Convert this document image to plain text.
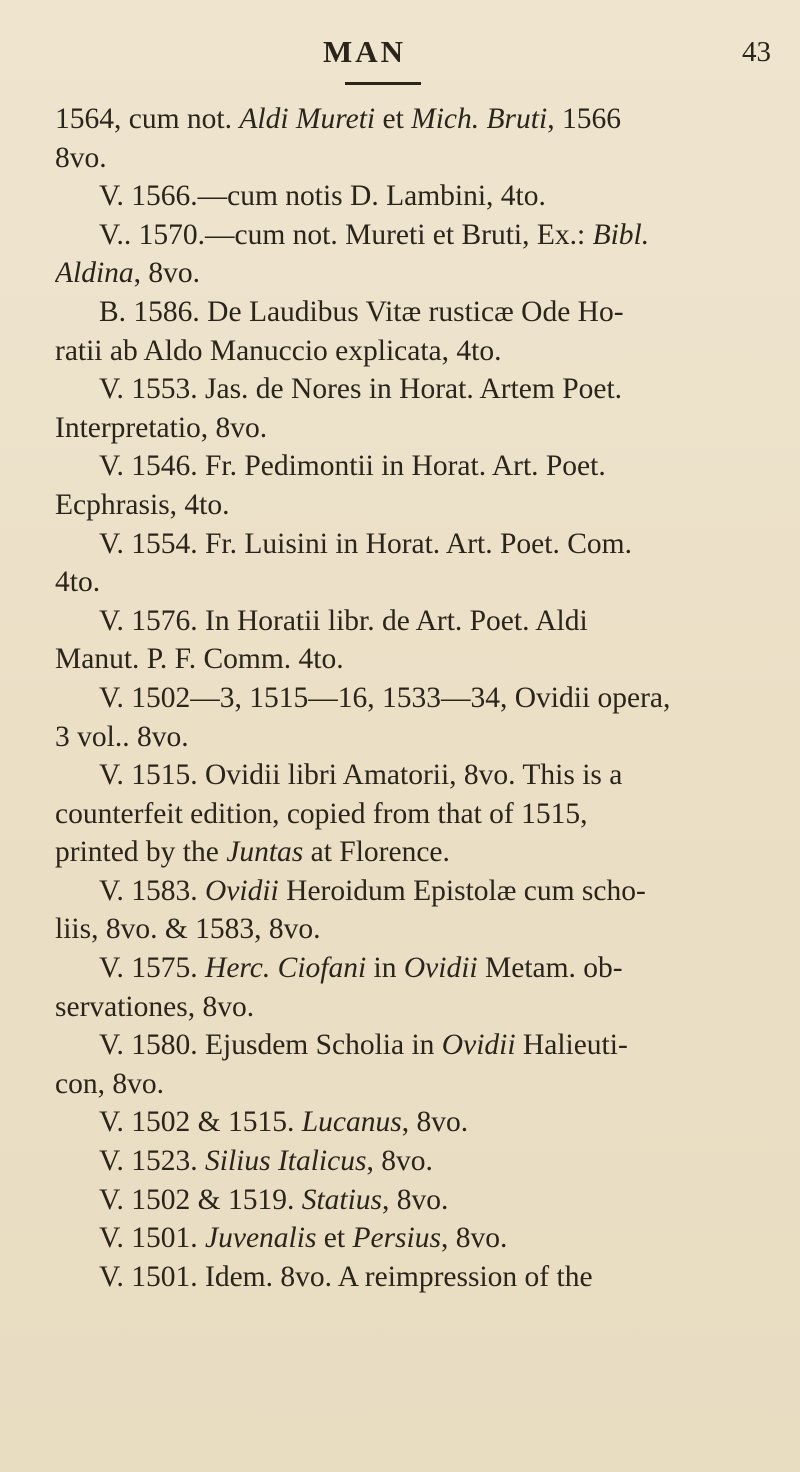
MAN	43
1564, cum not. Aldi Mureti et Mich. Bruti, 1566
8vo.
V. 1566.—cum notis D. Lambini, 4to.
V.. 1570.—cum not. Mureti et Bruti, Ex.: Bibl.
Aldina, 8vo.
B. 1586. De Laudibus Vitæ rusticæ Ode Ho-
ratii ab Aldo Manuccio explicata, 4to.
V. 1553. Jas. de Nores in Horat. Artem Poet.
Interpretatio, 8vo.
V. 1546. Fr. Pedimontii in Horat. Art. Poet.
Ecphrasis, 4to.
V. 1554. Fr. Luisini in Horat. Art. Poet. Com.
4to.
V. 1576. In Horatii libr. de Art. Poet. Aldi
Manut. P. F. Comm. 4to.
V. 1502—3, 1515—16, 1533—34, Ovidii opera,
3 vol.. 8vo.
V. 1515. Ovidii libri Amatorii, 8vo. This is a
counterfeit edition, copied from that of 1515,
printed by the Juntas at Florence.
V. 1583. Ovidii Heroidum Epistolæ cum scho-
liis, 8vo. & 1583, 8vo.
V. 1575. Herc. Ciofani in Ovidii Metam. ob-
servationes, 8vo.
V. 1580. Ejusdem Scholia in Ovidii Halieuti-
con, 8vo.
V. 1502 & 1515. Lucanus, 8vo.
V. 1523. Silius Italicus, 8vo.
V. 1502 & 1519. Statius, 8vo.
V. 1501. Juvenalis et Persius, 8vo.
V. 1501. Idem. 8vo. A reimpression of the
